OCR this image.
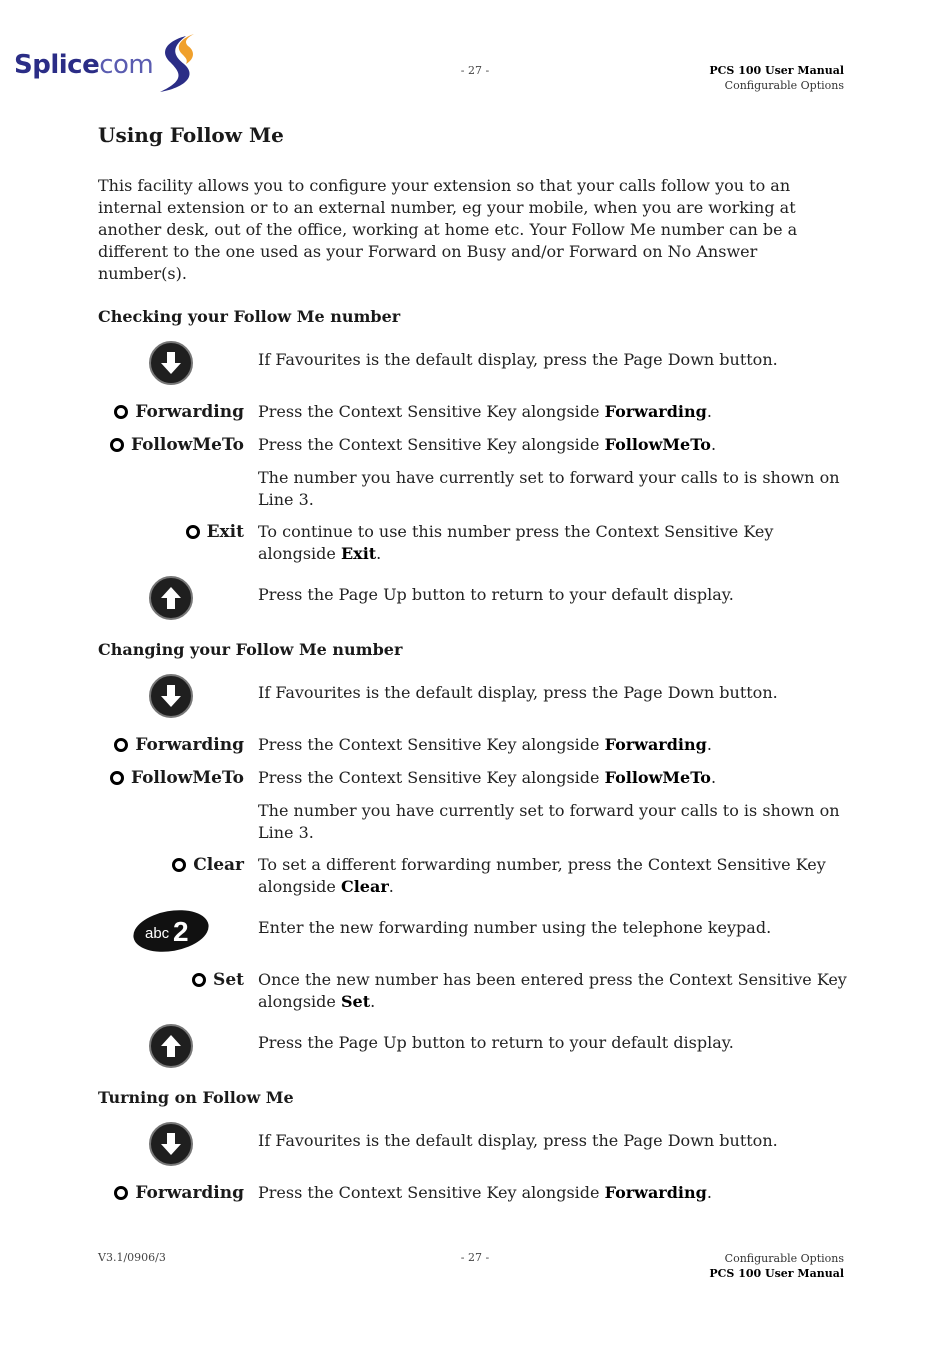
Splicecom	- 27 -	PCS 100 User Manual
Configurable Options
Using Follow Me

This facility allows you to configure your extension so that your calls follow you to an internal extension or to an external number, eg your mobile, when you are working at another desk, out of the office, working at home etc. Your Follow Me number can be a different to the one used as your Forward on Busy and/or Forward on No Answer number(s).

Checking your Follow Me number
If Favourites is the default display, press the Page Down button.
Forwarding Press the Context Sensitive Key alongside Forwarding.
FollowMeTo Press the Context Sensitive Key alongside FollowMeTo.
The number you have currently set to forward your calls to is shown on Line 3.
Exit To continue to use this number press the Context Sensitive Key alongside Exit.
Press the Page Up button to return to your default display.
Changing your Follow Me number
If Favourites is the default display, press the Page Down button.
Forwarding Press the Context Sensitive Key alongside Forwarding.
FollowMeTo Press the Context Sensitive Key alongside FollowMeTo.
The number you have currently set to forward your calls to is shown on Line 3.
Clear To set a different forwarding number, press the Context Sensitive Key alongside Clear.
abc 2	Enter the new forwarding number using the telephone keypad.
Set Once the new number has been entered press the Context Sensitive Key alongside Set.
Press the Page Up button to return to your default display.
Turning on Follow Me
If Favourites is the default display, press the Page Down button.
Forwarding Press the Context Sensitive Key alongside Forwarding.
V3.1/0906/3	- 27 -	Configurable Options
PCS 100 User Manual
